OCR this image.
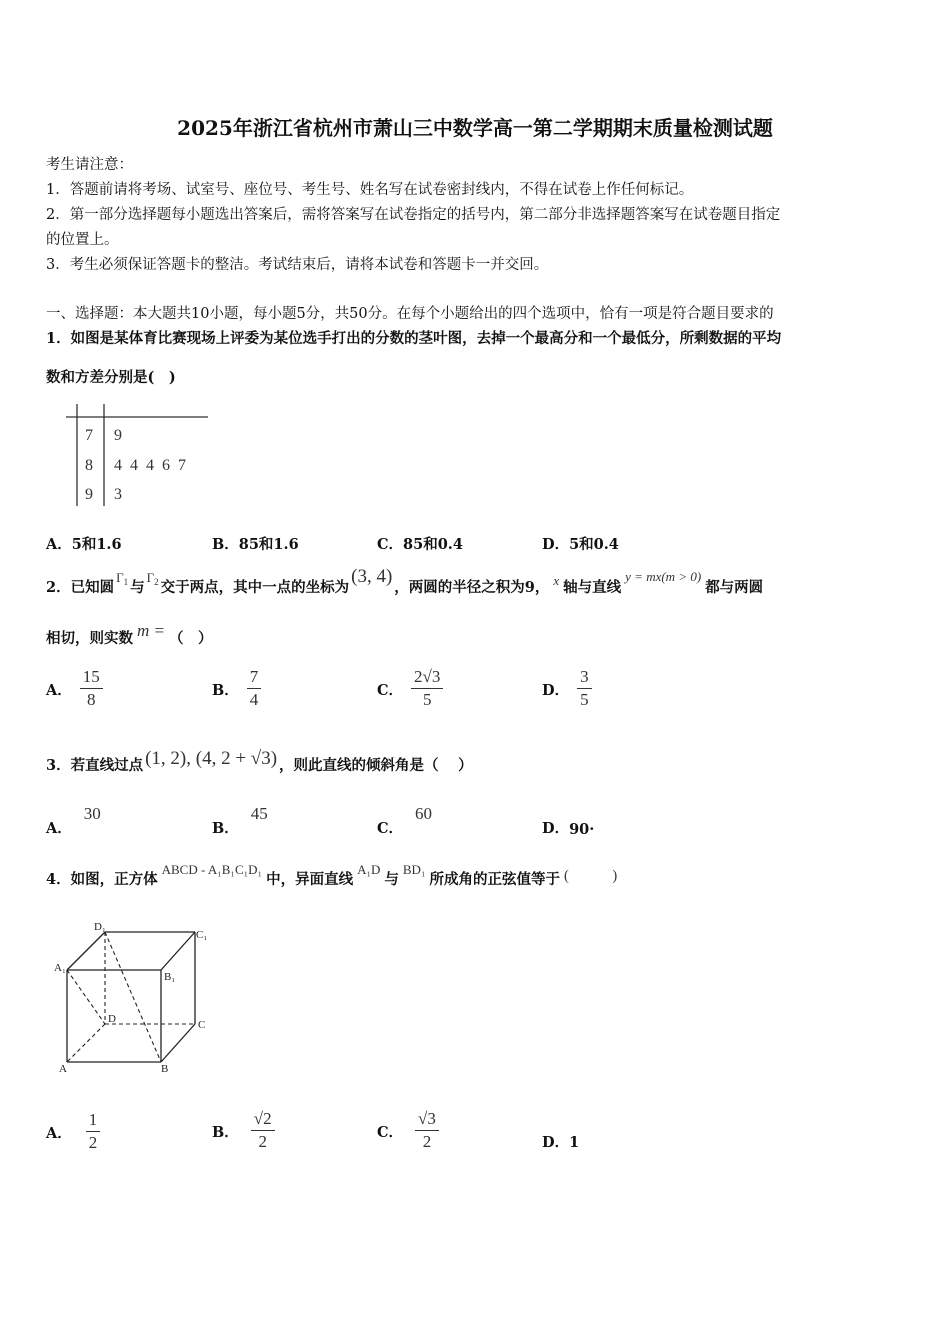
2025年浙江省杭州市萧山三中数学高一第二学期期末质量检测试题
考生请注意：
1．答题前请将考场、试室号、座位号、考生号、姓名写在试卷密封线内，不得在试卷上作任何标记。
2．第一部分选择题每小题选出答案后，需将答案写在试卷指定的括号内，第二部分非选择题答案写在试卷题目指定
的位置上。
3．考生必须保证答题卡的整洁。考试结束后，请将本试卷和答题卡一并交回。
一、选择题：本大题共10小题，每小题5分，共50分。在每个小题给出的四个选项中，恰有一项是符合题目要求的
1．如图是某体育比赛现场上评委为某位选手打出的分数的茎叶图，去掉一个最高分和一个最低分，所剩数据的平均
数和方差分别是(　)
7 9
8 4  4  4  6  7
9 3
A．5和1.6	B．85和1.6	C．85和0.4	D．5和0.4
2．已知圆
$\Gamma_1$ 与
$\Gamma_2$ 交于两点，其中一点的坐标为 (3, 4) ，两圆的半径之积为9， x 轴与直线
y = mx(m > 0)
都与两圆
相切，则实数 m = （　）
A． $\frac{15}{8}$	B． $\frac{7}{4}$	C． $\frac{2√3}{5}$	D． $\frac{3}{5}$
3．若直线过点 (1, 2), (4, 2 + √3) ，则此直线的倾斜角是（　 ）
A．
30
B．
45
C．
60
D． 90·
4．如图，正方体
ABCD - A₁B₁C₁D₁
中，异面直线
A₁D
与
BD₁
所成角的正弦值等于 (　　　)
D₁
C₁
A₁
B₁
D	C
A	B
A． $\frac{1}{2}$	B． $\frac{√2}{2}$	C． $\frac{√3}{2}$	D．1
